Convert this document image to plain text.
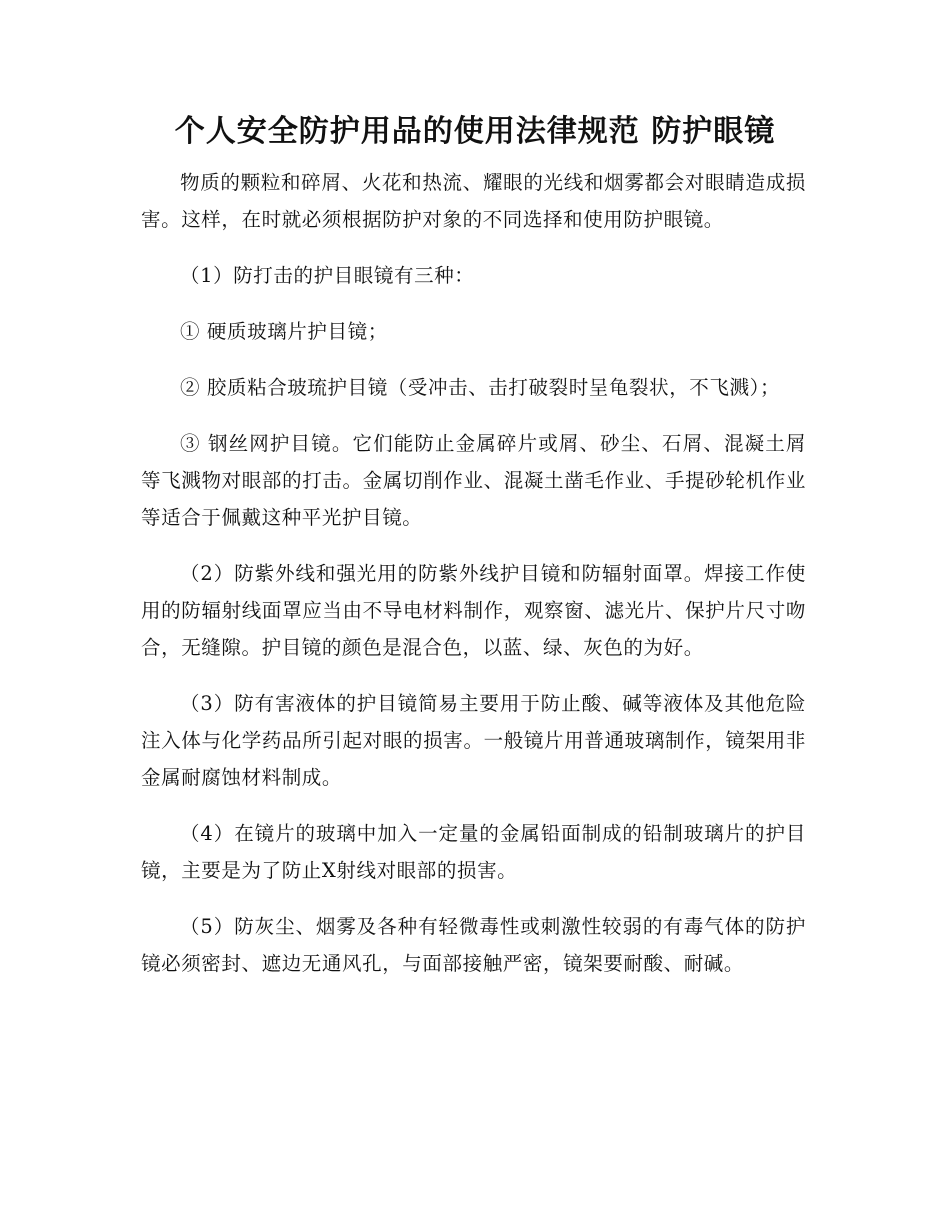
个人安全防护用品的使用法律规范 防护眼镜

物质的颗粒和碎屑、火花和热流、耀眼的光线和烟雾都会对眼睛造成损害。这样，在时就必须根据防护对象的不同选择和使用防护眼镜。

（1）防打击的护目眼镜有三种：

① 硬质玻璃片护目镜；

② 胶质粘合玻琉护目镜（受冲击、击打破裂时呈龟裂状，不飞溅）；

③ 钢丝网护目镜。它们能防止金属碎片或屑、砂尘、石屑、混凝土屑等飞溅物对眼部的打击。金属切削作业、混凝土凿毛作业、手提砂轮机作业等适合于佩戴这种平光护目镜。

（2）防紫外线和强光用的防紫外线护目镜和防辐射面罩。焊接工作使用的防辐射线面罩应当由不导电材料制作，观察窗、滤光片、保护片尺寸吻合，无缝隙。护目镜的颜色是混合色，以蓝、绿、灰色的为好。

（3）防有害液体的护目镜简易主要用于防止酸、碱等液体及其他危险注入体与化学药品所引起对眼的损害。一般镜片用普通玻璃制作，镜架用非金属耐腐蚀材料制成。

（4）在镜片的玻璃中加入一定量的金属铅面制成的铅制玻璃片的护目镜，主要是为了防止X射线对眼部的损害。

（5）防灰尘、烟雾及各种有轻微毒性或刺激性较弱的有毒气体的防护镜必须密封、遮边无通风孔，与面部接触严密，镜架要耐酸、耐碱。
